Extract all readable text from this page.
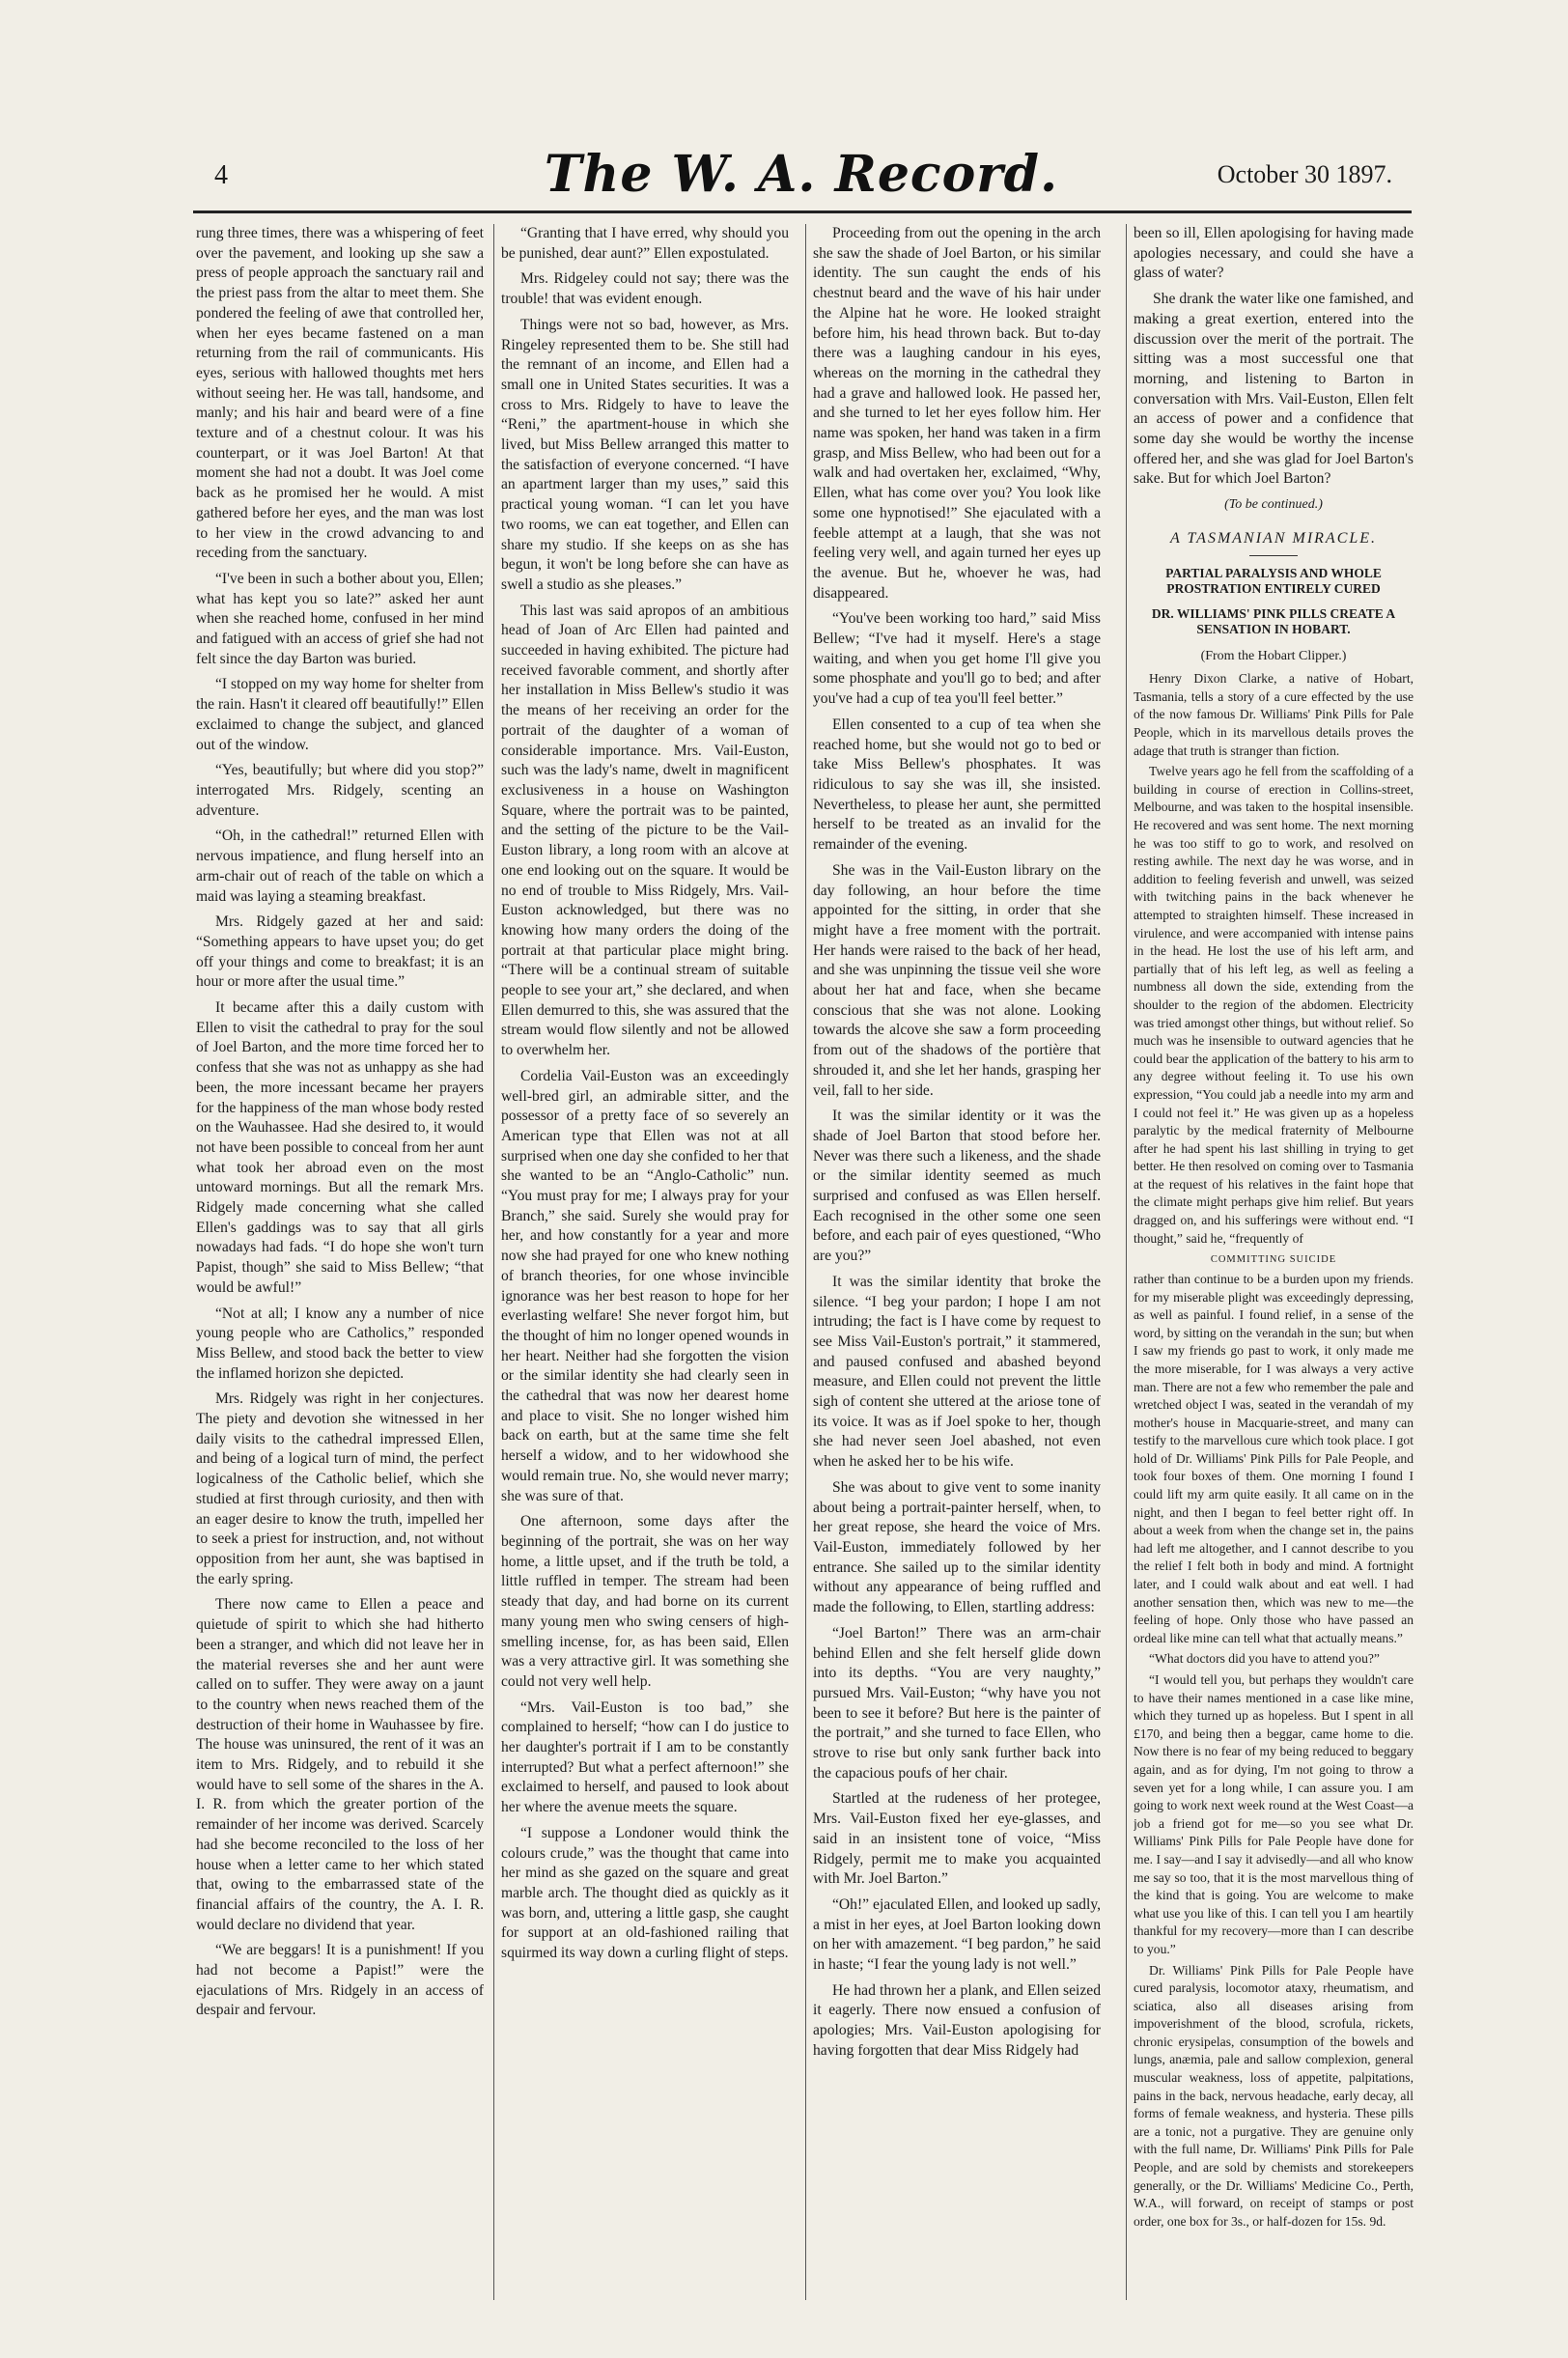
4	The W. A. Record.	October 30 1897.

rung three times, there was a whispering of feet over the pavement, and looking up she saw a press of people approach the sanctuary rail and the priest pass from the altar to meet them. She pondered the feeling of awe that controlled her, when her eyes became fastened on a man returning from the rail of communicants. His eyes, serious with hallowed thoughts met hers without seeing her. He was tall, handsome, and manly; and his hair and beard were of a fine texture and of a chestnut colour. It was his counterpart, or it was Joel Barton! At that moment she had not a doubt. It was Joel come back as he promised her he would. A mist gathered before her eyes, and the man was lost to her view in the crowd advancing to and receding from the sanctuary.

“I've been in such a bother about you, Ellen; what has kept you so late?” asked her aunt when she reached home, confused in her mind and fatigued with an access of grief she had not felt since the day Barton was buried.

“I stopped on my way home for shelter from the rain. Hasn't it cleared off beautifully!” Ellen exclaimed to change the subject, and glanced out of the window.

“Yes, beautifully; but where did you stop?” interrogated Mrs. Ridgely, scenting an adventure.

“Oh, in the cathedral!” returned Ellen with nervous impatience, and flung herself into an arm-chair out of reach of the table on which a maid was laying a steaming breakfast.

Mrs. Ridgely gazed at her and said: “Something appears to have upset you; do get off your things and come to breakfast; it is an hour or more after the usual time.”

It became after this a daily custom with Ellen to visit the cathedral to pray for the soul of Joel Barton, and the more time forced her to confess that she was not as unhappy as she had been, the more incessant became her prayers for the happiness of the man whose body rested on the Wauhassee. Had she desired to, it would not have been possible to conceal from her aunt what took her abroad even on the most untoward mornings. But all the remark Mrs. Ridgely made concerning what she called Ellen's gaddings was to say that all girls nowadays had fads. “I do hope she won't turn Papist, though” she said to Miss Bellew; “that would be awful!”

“Not at all; I know any a number of nice young people who are Catholics,” responded Miss Bellew, and stood back the better to view the inflamed horizon she depicted.

Mrs. Ridgely was right in her conjectures. The piety and devotion she witnessed in her daily visits to the cathedral impressed Ellen, and being of a logical turn of mind, the perfect logicalness of the Catholic belief, which she studied at first through curiosity, and then with an eager desire to know the truth, impelled her to seek a priest for instruction, and, not without opposition from her aunt, she was baptised in the early spring.

There now came to Ellen a peace and quietude of spirit to which she had hitherto been a stranger, and which did not leave her in the material reverses she and her aunt were called on to suffer. They were away on a jaunt to the country when news reached them of the destruction of their home in Wauhassee by fire. The house was uninsured, the rent of it was an item to Mrs. Ridgely, and to rebuild it she would have to sell some of the shares in the A. I. R. from which the greater portion of the remainder of her income was derived. Scarcely had she become reconciled to the loss of her house when a letter came to her which stated that, owing to the embarrassed state of the financial affairs of the country, the A. I. R. would declare no dividend that year.

“We are beggars! It is a punishment! If you had not become a Papist!” were the ejaculations of Mrs. Ridgely in an access of despair and fervour.

“Granting that I have erred, why should you be punished, dear aunt?” Ellen expostulated.

Mrs. Ridgeley could not say; there was the trouble! that was evident enough.

Things were not so bad, however, as Mrs. Ringeley represented them to be. She still had the remnant of an income, and Ellen had a small one in United States securities. It was a cross to Mrs. Ridgely to have to leave the “Reni,” the apartment-house in which she lived, but Miss Bellew arranged this matter to the satisfaction of everyone concerned. “I have an apartment larger than my uses,” said this practical young woman. “I can let you have two rooms, we can eat together, and Ellen can share my studio. If she keeps on as she has begun, it won't be long before she can have as swell a studio as she pleases.”

This last was said apropos of an ambitious head of Joan of Arc Ellen had painted and succeeded in having exhibited. The picture had received favorable comment, and shortly after her installation in Miss Bellew's studio it was the means of her receiving an order for the portrait of the daughter of a woman of considerable importance. Mrs. Vail-Euston, such was the lady's name, dwelt in magnificent exclusiveness in a house on Washington Square, where the portrait was to be painted, and the setting of the picture to be the Vail-Euston library, a long room with an alcove at one end looking out on the square. It would be no end of trouble to Miss Ridgely, Mrs. Vail-Euston acknowledged, but there was no knowing how many orders the doing of the portrait at that particular place might bring. “There will be a continual stream of suitable people to see your art,” she declared, and when Ellen demurred to this, she was assured that the stream would flow silently and not be allowed to overwhelm her.

Cordelia Vail-Euston was an exceedingly well-bred girl, an admirable sitter, and the possessor of a pretty face of so severely an American type that Ellen was not at all surprised when one day she confided to her that she wanted to be an “Anglo-Catholic” nun. “You must pray for me; I always pray for your Branch,” she said. Surely she would pray for her, and how constantly for a year and more now she had prayed for one who knew nothing of branch theories, for one whose invincible ignorance was her best reason to hope for her everlasting welfare! She never forgot him, but the thought of him no longer opened wounds in her heart. Neither had she forgotten the vision or the similar identity she had clearly seen in the cathedral that was now her dearest home and place to visit. She no longer wished him back on earth, but at the same time she felt herself a widow, and to her widowhood she would remain true. No, she would never marry; she was sure of that.

One afternoon, some days after the beginning of the portrait, she was on her way home, a little upset, and if the truth be told, a little ruffled in temper. The stream had been steady that day, and had borne on its current many young men who swing censers of high-smelling incense, for, as has been said, Ellen was a very attractive girl. It was something she could not very well help.

“Mrs. Vail-Euston is too bad,” she complained to herself; “how can I do justice to her daughter's portrait if I am to be constantly interrupted? But what a perfect afternoon!” she exclaimed to herself, and paused to look about her where the avenue meets the square.

“I suppose a Londoner would think the colours crude,” was the thought that came into her mind as she gazed on the square and great marble arch. The thought died as quickly as it was born, and, uttering a little gasp, she caught for support at an old-fashioned railing that squirmed its way down a curling flight of steps.

Proceeding from out the opening in the arch she saw the shade of Joel Barton, or his similar identity. The sun caught the ends of his chestnut beard and the wave of his hair under the Alpine hat he wore. He looked straight before him, his head thrown back. But to-day there was a laughing candour in his eyes, whereas on the morning in the cathedral they had a grave and hallowed look. He passed her, and she turned to let her eyes follow him. Her name was spoken, her hand was taken in a firm grasp, and Miss Bellew, who had been out for a walk and had overtaken her, exclaimed, “Why, Ellen, what has come over you? You look like some one hypnotised!” She ejaculated with a feeble attempt at a laugh, that she was not feeling very well, and again turned her eyes up the avenue. But he, whoever he was, had disappeared.

“You've been working too hard,” said Miss Bellew; “I've had it myself. Here's a stage waiting, and when you get home I'll give you some phosphate and you'll go to bed; and after you've had a cup of tea you'll feel better.”

Ellen consented to a cup of tea when she reached home, but she would not go to bed or take Miss Bellew's phosphates. It was ridiculous to say she was ill, she insisted. Nevertheless, to please her aunt, she permitted herself to be treated as an invalid for the remainder of the evening.

She was in the Vail-Euston library on the day following, an hour before the time appointed for the sitting, in order that she might have a free moment with the portrait. Her hands were raised to the back of her head, and she was unpinning the tissue veil she wore about her hat and face, when she became conscious that she was not alone. Looking towards the alcove she saw a form proceeding from out of the shadows of the portière that shrouded it, and she let her hands, grasping her veil, fall to her side.

It was the similar identity or it was the shade of Joel Barton that stood before her. Never was there such a likeness, and the shade or the similar identity seemed as much surprised and confused as was Ellen herself. Each recognised in the other some one seen before, and each pair of eyes questioned, “Who are you?”

It was the similar identity that broke the silence. “I beg your pardon; I hope I am not intruding; the fact is I have come by request to see Miss Vail-Euston's portrait,” it stammered, and paused confused and abashed beyond measure, and Ellen could not prevent the little sigh of content she uttered at the ariose tone of its voice. It was as if Joel spoke to her, though she had never seen Joel abashed, not even when he asked her to be his wife.

She was about to give vent to some inanity about being a portrait-painter herself, when, to her great repose, she heard the voice of Mrs. Vail-Euston, immediately followed by her entrance. She sailed up to the similar identity without any appearance of being ruffled and made the following, to Ellen, startling address:

“Joel Barton!” There was an arm-chair behind Ellen and she felt herself glide down into its depths. “You are very naughty,” pursued Mrs. Vail-Euston; “why have you not been to see it before? But here is the painter of the portrait,” and she turned to face Ellen, who strove to rise but only sank further back into the capacious poufs of her chair.

Startled at the rudeness of her protegee, Mrs. Vail-Euston fixed her eye-glasses, and said in an insistent tone of voice, “Miss Ridgely, permit me to make you acquainted with Mr. Joel Barton.”

“Oh!” ejaculated Ellen, and looked up sadly, a mist in her eyes, at Joel Barton looking down on her with amazement. “I beg pardon,” he said in haste; “I fear the young lady is not well.”

He had thrown her a plank, and Ellen seized it eagerly. There now ensued a confusion of apologies; Mrs. Vail-Euston apologising for having forgotten that dear Miss Ridgely had

been so ill, Ellen apologising for having made apologies necessary, and could she have a glass of water?

She drank the water like one famished, and making a great exertion, entered into the discussion over the merit of the portrait. The sitting was a most successful one that morning, and listening to Barton in conversation with Mrs. Vail-Euston, Ellen felt an access of power and a confidence that some day she would be worthy the incense offered her, and she was glad for Joel Barton's sake. But for which Joel Barton?

(To be continued.)
A TASMANIAN MIRACLE.
PARTIAL PARALYSIS AND WHOLE PROSTRATION ENTIRELY CURED
DR. WILLIAMS' PINK PILLS CREATE A SENSATION IN HOBART.
(From the Hobart Clipper.)

Henry Dixon Clarke, a native of Hobart, Tasmania, tells a story of a cure effected by the use of the now famous Dr. Williams' Pink Pills for Pale People, which in its marvellous details proves the adage that truth is stranger than fiction.

Twelve years ago he fell from the scaffolding of a building in course of erection in Collins-street, Melbourne, and was taken to the hospital insensible. He recovered and was sent home. The next morning he was too stiff to go to work, and resolved on resting awhile. The next day he was worse, and in addition to feeling feverish and unwell, was seized with twitching pains in the back whenever he attempted to straighten himself. These increased in virulence, and were accompanied with intense pains in the head. He lost the use of his left arm, and partially that of his left leg, as well as feeling a numbness all down the side, extending from the shoulder to the region of the abdomen. Electricity was tried amongst other things, but without relief. So much was he insensible to outward agencies that he could bear the application of the battery to his arm to any degree without feeling it. To use his own expression, “You could jab a needle into my arm and I could not feel it.” He was given up as a hopeless paralytic by the medical fraternity of Melbourne after he had spent his last shilling in trying to get better. He then resolved on coming over to Tasmania at the request of his relatives in the faint hope that the climate might perhaps give him relief. But years dragged on, and his sufferings were without end. “I thought,” said he, “frequently of

COMMITTING SUICIDE

rather than continue to be a burden upon my friends. for my miserable plight was exceedingly depressing, as well as painful. I found relief, in a sense of the word, by sitting on the verandah in the sun; but when I saw my friends go past to work, it only made me the more miserable, for I was always a very active man. There are not a few who remember the pale and wretched object I was, seated in the verandah of my mother's house in Macquarie-street, and many can testify to the marvellous cure which took place. I got hold of Dr. Williams' Pink Pills for Pale People, and took four boxes of them. One morning I found I could lift my arm quite easily. It all came on in the night, and then I began to feel better right off. In about a week from when the change set in, the pains had left me altogether, and I cannot describe to you the relief I felt both in body and mind. A fortnight later, and I could walk about and eat well. I had another sensation then, which was new to me—the feeling of hope. Only those who have passed an ordeal like mine can tell what that actually means.”

“What doctors did you have to attend you?”

“I would tell you, but perhaps they wouldn't care to have their names mentioned in a case like mine, which they turned up as hopeless. But I spent in all £170, and being then a beggar, came home to die. Now there is no fear of my being reduced to beggary again, and as for dying, I'm not going to throw a seven yet for a long while, I can assure you. I am going to work next week round at the West Coast—a job a friend got for me—so you see what Dr. Williams' Pink Pills for Pale People have done for me. I say—and I say it advisedly—and all who know me say so too, that it is the most marvellous thing of the kind that is going. You are welcome to make what use you like of this. I can tell you I am heartily thankful for my recovery—more than I can describe to you.”

Dr. Williams' Pink Pills for Pale People have cured paralysis, locomotor ataxy, rheumatism, and sciatica, also all diseases arising from impoverishment of the blood, scrofula, rickets, chronic erysipelas, consumption of the bowels and lungs, anæmia, pale and sallow complexion, general muscular weakness, loss of appetite, palpitations, pains in the back, nervous headache, early decay, all forms of female weakness, and hysteria. These pills are a tonic, not a purgative. They are genuine only with the full name, Dr. Williams' Pink Pills for Pale People, and are sold by chemists and storekeepers generally, or the Dr. Williams' Medicine Co., Perth, W.A., will forward, on receipt of stamps or post order, one box for 3s., or half-dozen for 15s. 9d.
